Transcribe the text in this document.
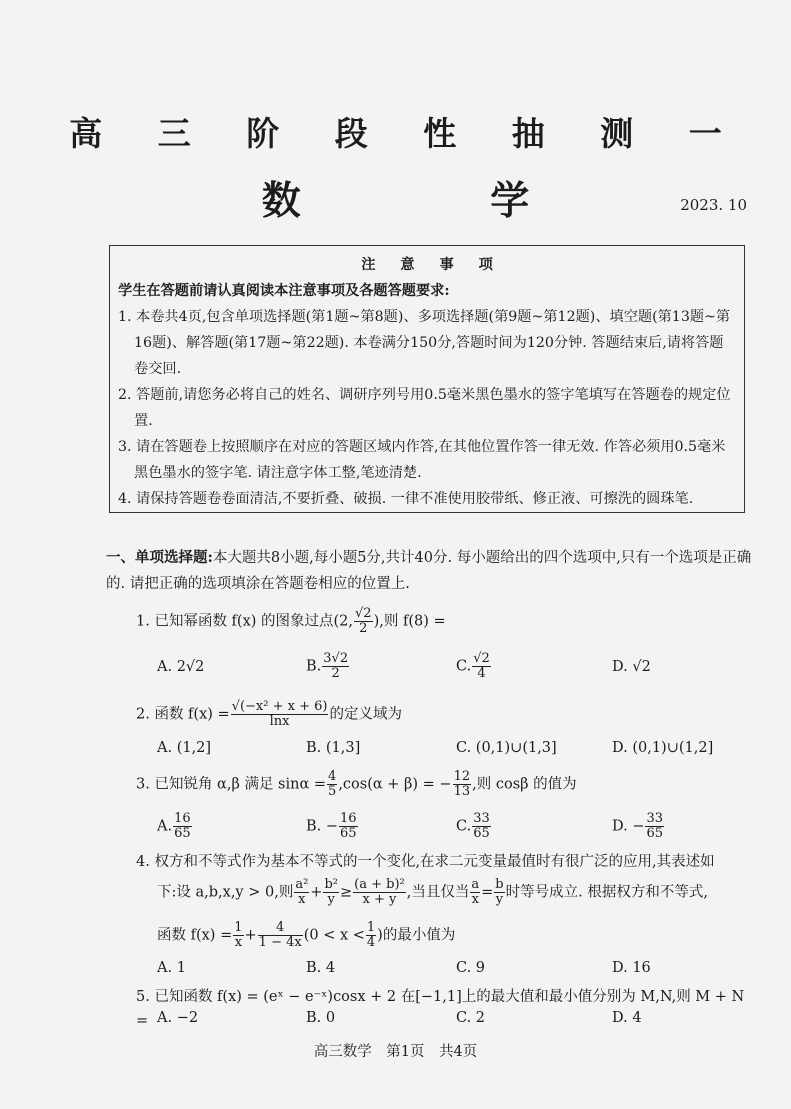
高 三 阶 段 性 抽 测 一
数 学	2023. 10
注 意 事 项
学生在答题前请认真阅读本注意事项及各题答题要求:
1. 本卷共4页,包含单项选择题(第1题~第8题)、多项选择题(第9题~第12题)、填空题(第13题~第16题)、解答题(第17题~第22题). 本卷满分150分,答题时间为120分钟. 答题结束后,请将答题卷交回.
2. 答题前,请您务必将自己的姓名、调研序列号用0.5毫米黑色墨水的签字笔填写在答题卷的规定位置.
3. 请在答题卷上按照顺序在对应的答题区域内作答,在其他位置作答一律无效. 作答必须用0.5毫米黑色墨水的签字笔. 请注意字体工整,笔迹清楚.
4. 请保持答题卷卷面清洁,不要折叠、破损. 一律不准使用胶带纸、修正液、可擦洗的圆珠笔.
一、单项选择题:本大题共8小题,每小题5分,共计40分. 每小题给出的四个选项中,只有一个选项是正确的. 请把正确的选项填涂在答题卷相应的位置上.
1. 已知幂函数 f(x) 的图象过点(2, $\frac{√2}{2}$ ),则 f(8) =
A. 2√2	B. $\frac{3√2}{2}$	C. $\frac{√2}{4}$	D. √2
2. 函数 $f(x) = \frac{\text{√(−x² + x + 6)}}{\ln x}$ 的定义域为
A. (1,2]	B. (1,3]	C. (0,1)∪(1,3]	D. (0,1)∪(1,2]
3. 已知锐角 α,β 满足 $\sin\alpha = \frac{4}{5} ,\cos(\alpha + \beta)$ = − $\frac{12}{13}$ ,则 cosβ 的值为
A. $\frac{16}{65}$	B. − $\frac{16}{65}$	C. $\frac{33}{65}$	D. − $\frac{33}{65}$
4. 权方和不等式作为基本不等式的一个变化,在求二元变量最值时有很广泛的应用,其表述如
下:设 a,b,x,y > 0,则 $\frac{\text{a²}}{x} + \frac{\text{b²}}{y} \ge \frac{\text{(a + b)²}}{x + y}$ ,当且仅当 $\frac{a}{x} = \frac{b}{y}$ 时等号成立. 根据权方和不等式,
函数 $f(x) = \frac{1}{x} + \frac{4}{1 - 4x} (0 < x < \frac{1}{4}$ )的最小值为
A. 1	B. 4	C. 9	D. 16
5. 已知函数 f(x) = (eˣ − e⁻ˣ)cosx + 2 在[−1,1]上的最大值和最小值分别为 M,N,则 M + N = A. −2	B. 0	C. 2	D. 4
高三数学　第1页　共4页
